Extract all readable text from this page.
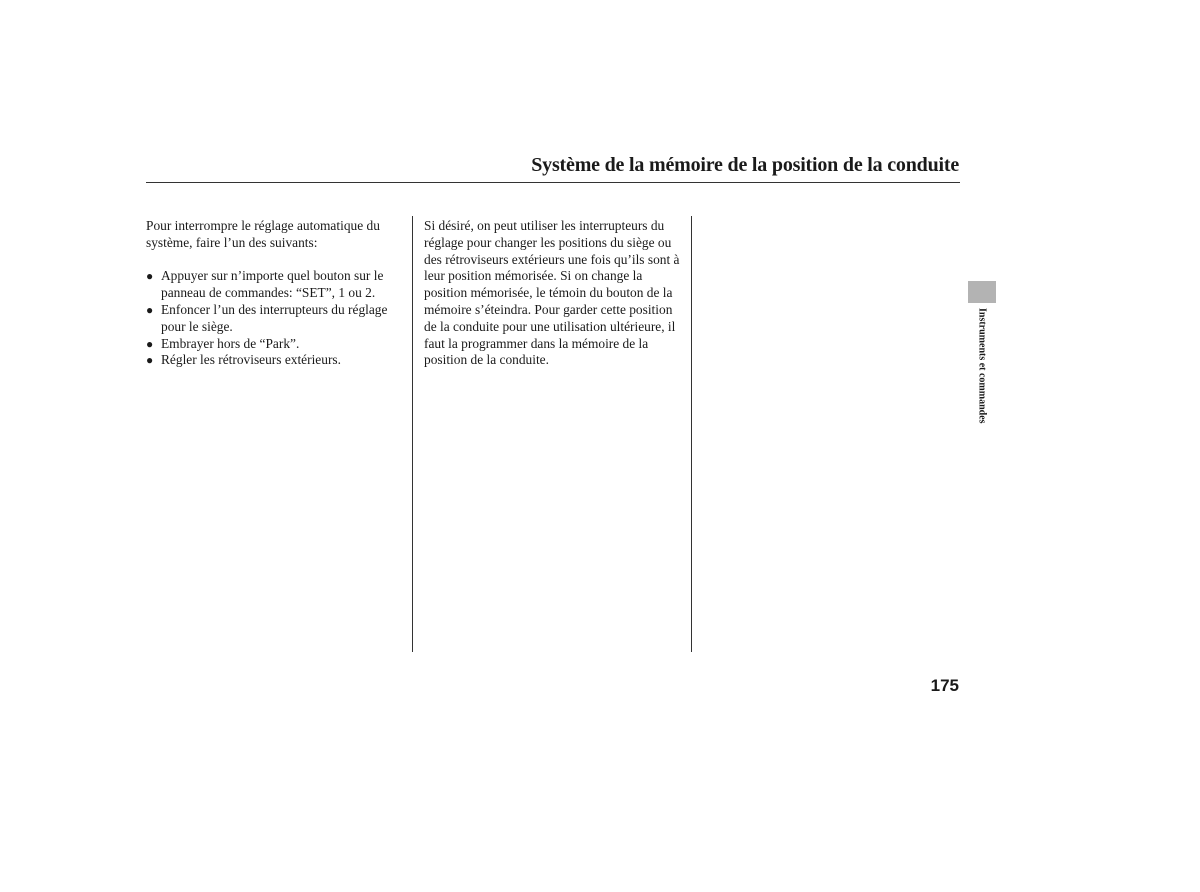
Système de la mémoire de la position de la conduite

Pour interrompre le réglage automatique du système, faire l’un des suivants:

● Appuyer sur n’importe quel bouton sur le panneau de commandes: “SET”, 1 ou 2.
● Enfoncer l’un des interrupteurs du réglage pour le siège.
● Embrayer hors de “Park”.
● Régler les rétroviseurs extérieurs.

Si désiré, on peut utiliser les interrupteurs du réglage pour changer les positions du siège ou des rétroviseurs extérieurs une fois qu’ils sont à leur position mémorisée. Si on change la position mémorisée, le témoin du bouton de la mémoire s’éteindra. Pour garder cette position de la conduite pour une utilisation ultérieure, il faut la programmer dans la mémoire de la position de la conduite.	Instruments et commandes
175
